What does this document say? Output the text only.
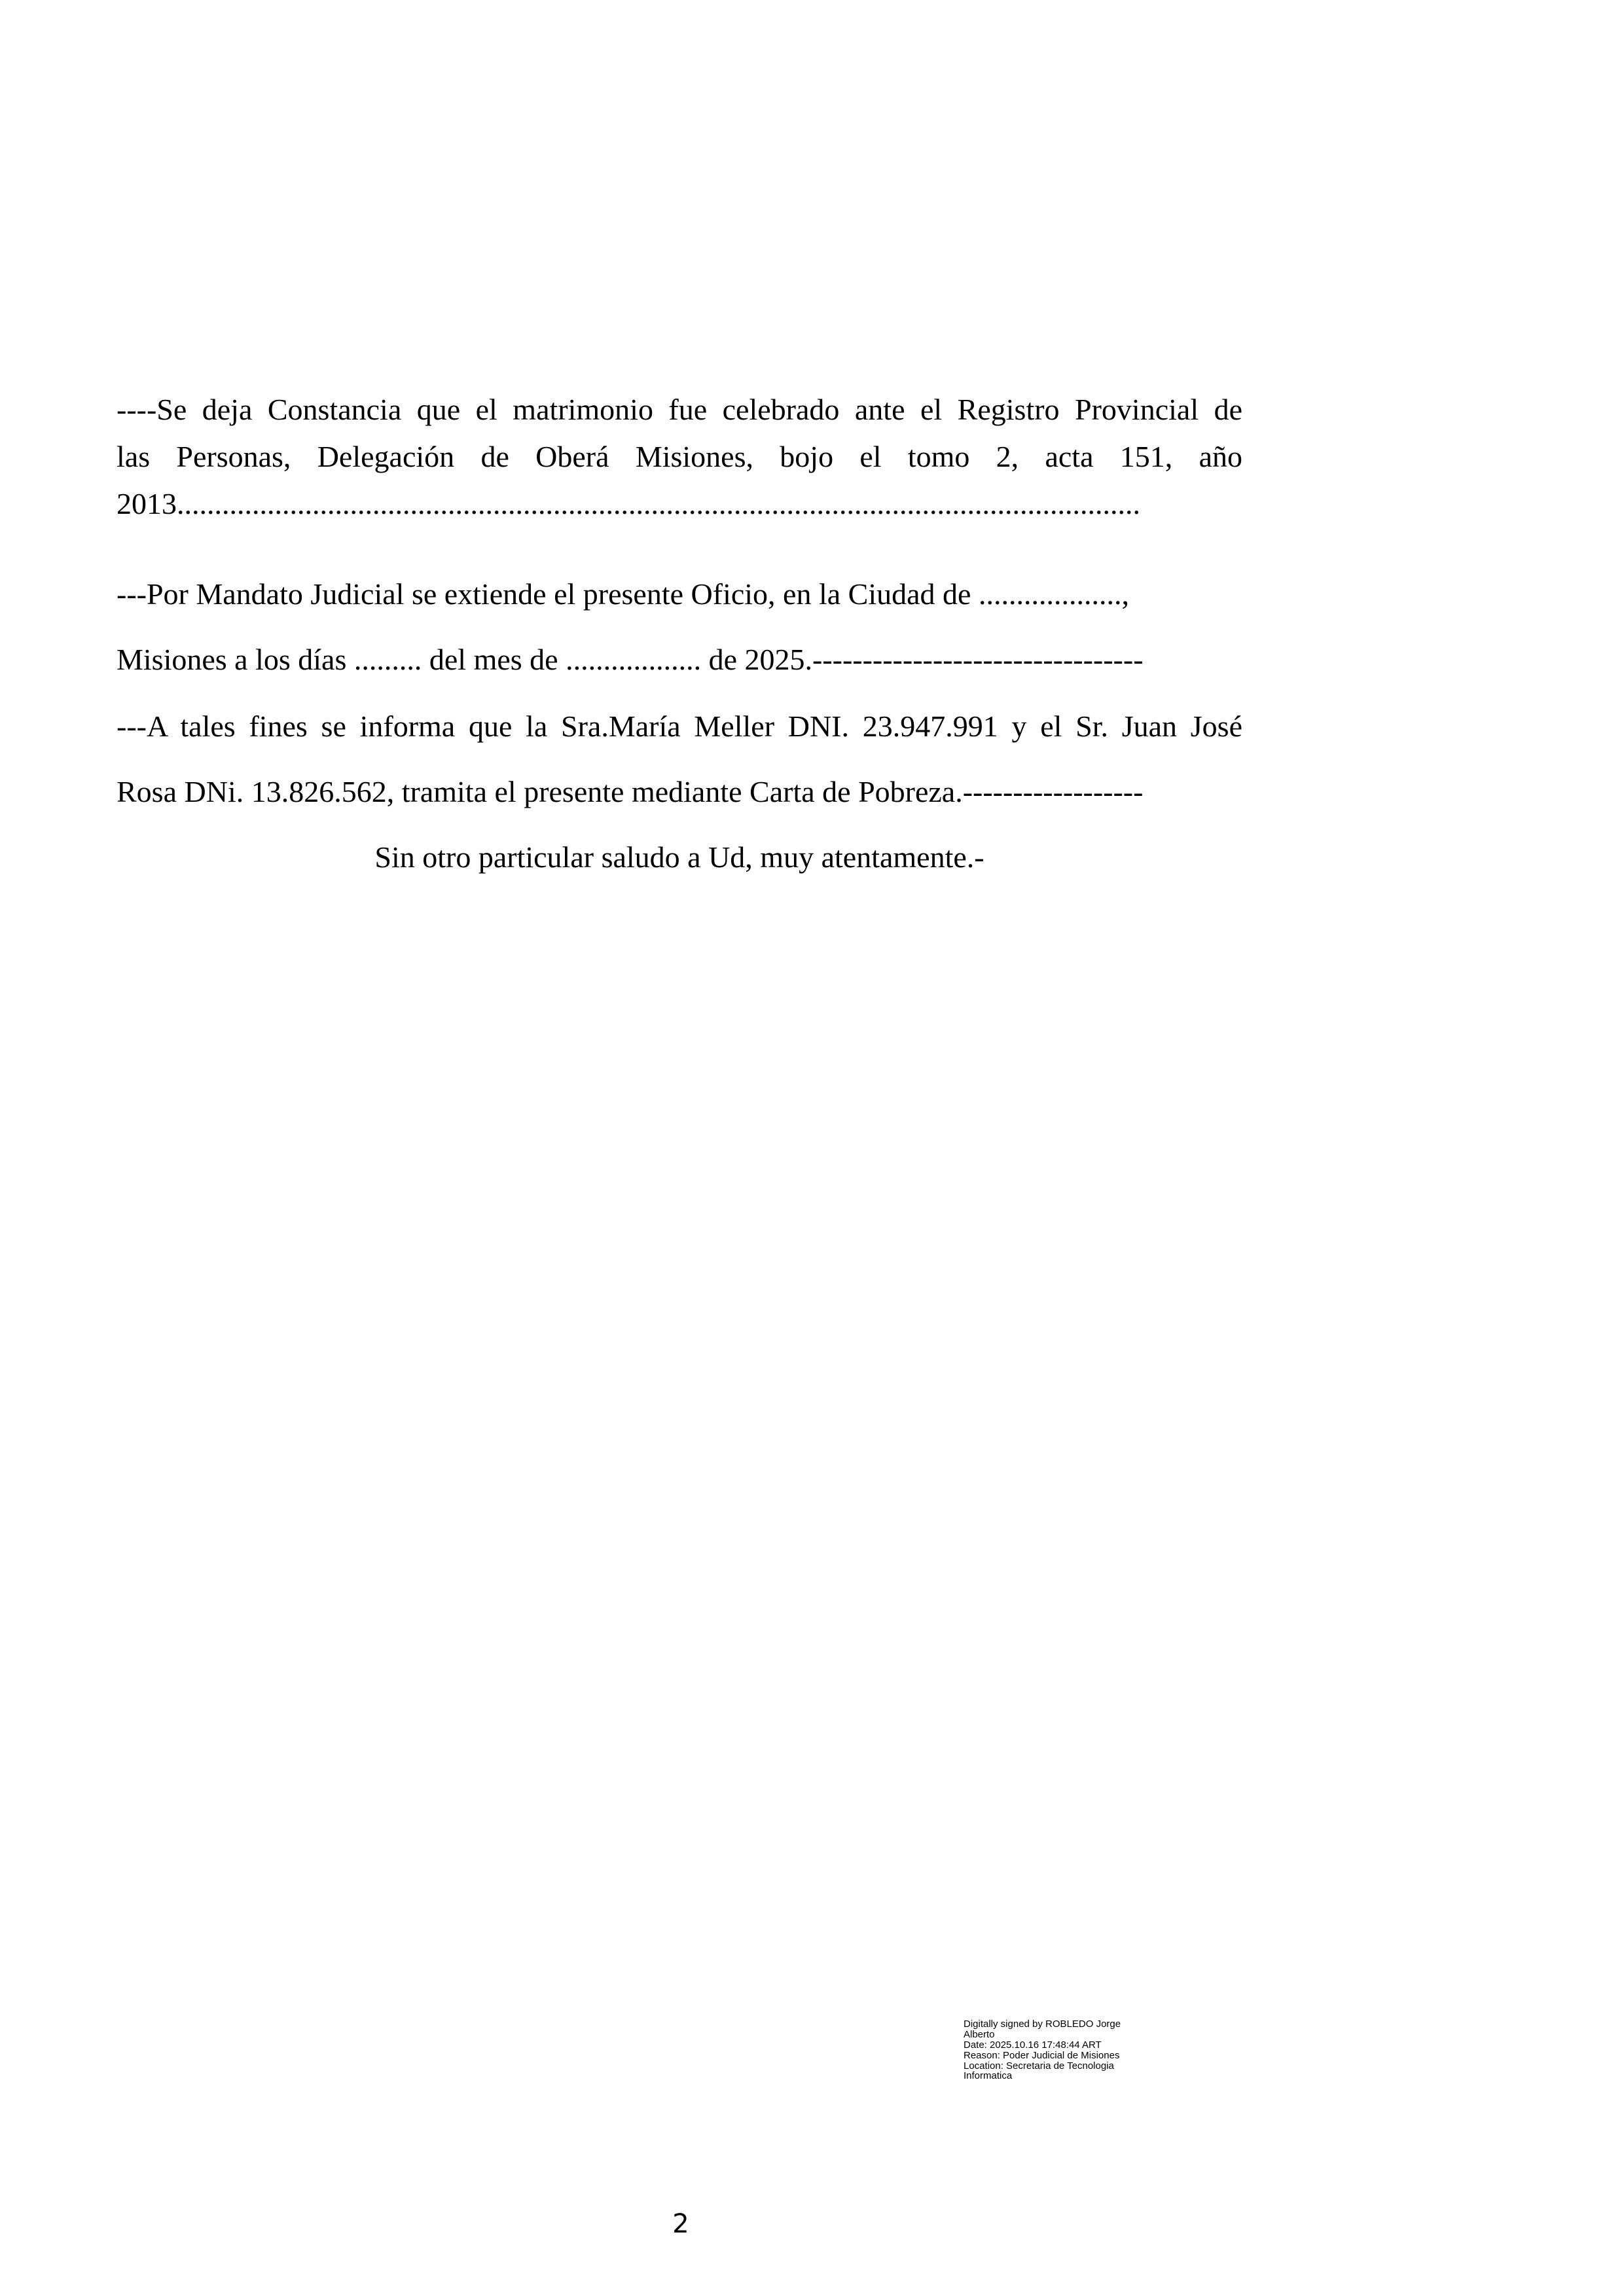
----Se deja Constancia que el matrimonio fue celebrado ante el Registro Provincial de
las Personas, Delegación de Oberá Misiones, bojo el tomo 2, acta 151, año
2013................................................................................................................................
---Por Mandato Judicial se extiende el presente Oficio, en la Ciudad de ...................,
Misiones a los días ......... del mes de .................. de 2025.---------------------------------
---A tales fines se informa que la Sra.María Meller DNI. 23.947.991 y el Sr. Juan José
Rosa DNi. 13.826.562, tramita el presente mediante Carta de Pobreza.------------------
Sin otro particular saludo a Ud, muy atentamente.-
Digitally signed by ROBLEDO Jorge
Alberto
Date: 2025.10.16 17:48:44 ART
Reason: Poder Judicial de Misiones
Location: Secretaria de Tecnologia
Informatica
2
